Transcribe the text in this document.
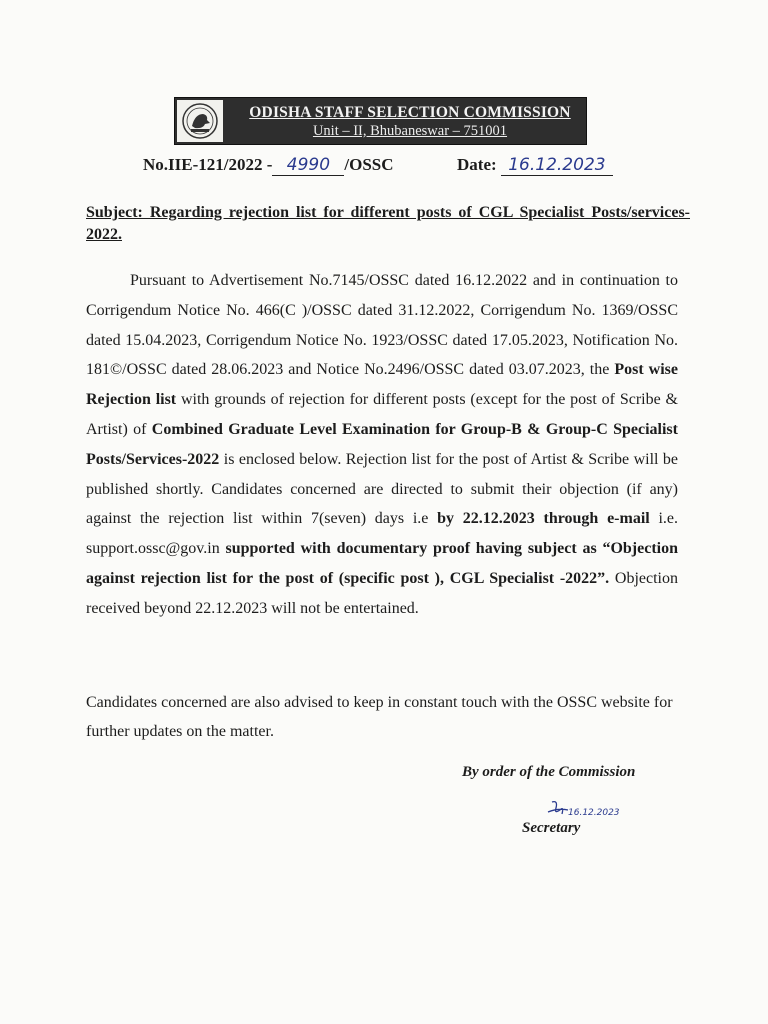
ODISHA STAFF SELECTION COMMISSION
Unit – II, Bhubaneswar – 751001
No.IIE-121/2022 - 4990 /OSSC	Date: 16.12.2023
Subject: Regarding rejection list for different posts of CGL Specialist Posts/services-2022.
Pursuant to Advertisement No.7145/OSSC dated 16.12.2022 and in continuation to Corrigendum Notice No. 466(C )/OSSC dated 31.12.2022, Corrigendum No. 1369/OSSC dated 15.04.2023, Corrigendum Notice No. 1923/OSSC dated 17.05.2023, Notification No. 181©/OSSC dated 28.06.2023 and Notice No.2496/OSSC dated 03.07.2023, the Post wise Rejection list with grounds of rejection for different posts (except for the post of Scribe & Artist) of Combined Graduate Level Examination for Group-B & Group-C Specialist Posts/Services-2022 is enclosed below. Rejection list for the post of Artist & Scribe will be published shortly. Candidates concerned are directed to submit their objection (if any) against the rejection list within 7(seven) days i.e by 22.12.2023 through e-mail i.e. support.ossc@gov.in supported with documentary proof having subject as “Objection against rejection list for the post of (specific post ), CGL Specialist -2022”. Objection received beyond 22.12.2023 will not be entertained.
Candidates concerned are also advised to keep in constant touch with the OSSC website for further updates on the matter.
By order of the Commission
16.12.2023
Secretary
